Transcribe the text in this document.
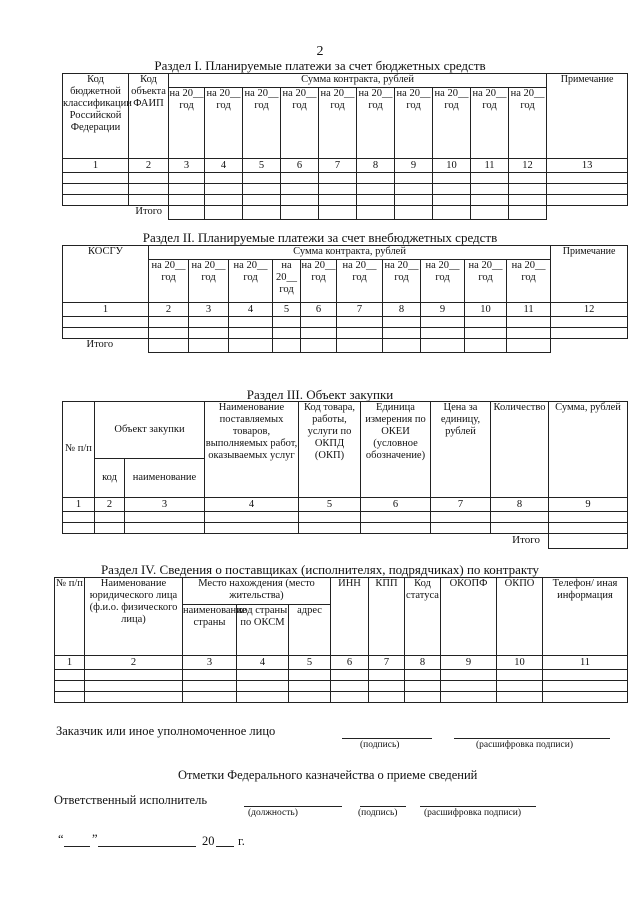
2
Раздел I. Планируемые платежи за счет бюджетных средств
Код бюджетной классификации Российской Федерации	Код объекта ФАИП	Сумма контракта, рублей										Примечание
		на 20__ год	на 20__ год	на 20__ год	на 20__ год	на 20__ год	на 20__ год	на 20__ год	на 20__ год	на 20__ год	на 20__ год	
1	2	3	4	5	6	7	8	9	10	11	12	13

Итого												
Раздел II. Планируемые платежи за счет внебюджетных средств
КОСГУ	Сумма контракта, рублей										Примечание
	на 20__ год	на 20__ год	на 20__ год	на 20__ год	на 20__ год	на 20__ год	на 20__ год	на 20__ год	на 20__ год	на 20__ год	
1	2	3	4	5	6	7	8	9	10	11	12

Итого											
Раздел III. Объект закупки
№ п/п	Объект закупки		Наименование поставляемых товаров, выполняемых работ, оказываемых услуг	Код товара, работы, услуги по ОКПД (ОКП)	Единица измерения по ОКЕИ (условное обозначение)	Цена за единицу, рублей	Количество	Сумма, рублей
	код	наименование						
1	2	3	4	5	6	7	8	9

Итого								
Раздел IV. Сведения о поставщиках (исполнителях, подрядчиках) по контракту
№ п/п	Наименование юридического лица (ф.и.о. физического лица)	Место нахождения (место жительства)			ИНН	КПП	Код статуса	ОКОПФ	ОКПО	Телефон/ иная информация
		наименование страны	код страны по ОКСМ	адрес						
1	2	3	4	5	6	7	8	9	10	11

Заказчик или иное уполномоченное лицо
(подпись)	(расшифровка подписи)
Отметки Федерального казначейства о приеме сведений
Ответственный исполнитель
(должность)	(подпись)	(расшифровка подписи)
“ ”	20 г.
